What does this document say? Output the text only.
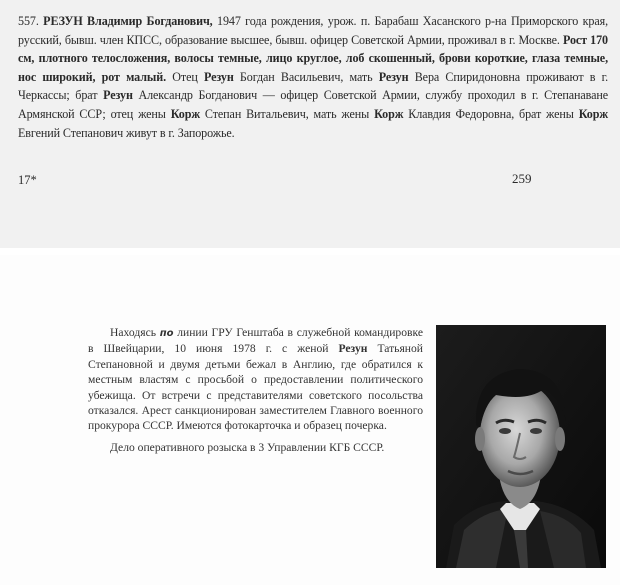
557. РЕЗУН Владимир Богданович, 1947 года рождения, урож. п. Барабаш Хасанского р-на Приморского края, русский, бывш. член КПСС, образование высшее, бывш. офицер Советской Армии, проживал в г. Москве. Рост 170 см, плотного телосложения, волосы темные, лицо круглое, лоб скошенный, брови короткие, глаза темные, нос широкий, рот малый. Отец Резун Богдан Васильевич, мать Резун Вера Спиридоновна проживают в г. Черкассы; брат Резун Александр Богданович — офицер Советской Армии, службу проходил в г. Степанаване Армянской ССР; отец жены Корж Степан Витальевич, мать жены Корж Клавдия Федоровна, брат жены Корж Евгений Степанович живут в г. Запорожье.
17*	259

Находясь по линии ГРУ Генштаба в служебной командировке в Швейцарии, 10 июня 1978 г. с женой Резун Татьяной Степановной и двумя детьми бежал в Англию, где обратился к местным властям с просьбой о предоставлении политического убежища. От встречи с представителями советского посольства отказался. Арест санкционирован заместителем Главного военного прокурора СССР. Имеются фотокарточка и образец почерка.

Дело оперативного розыска в 3 Управлении КГБ СССР.
